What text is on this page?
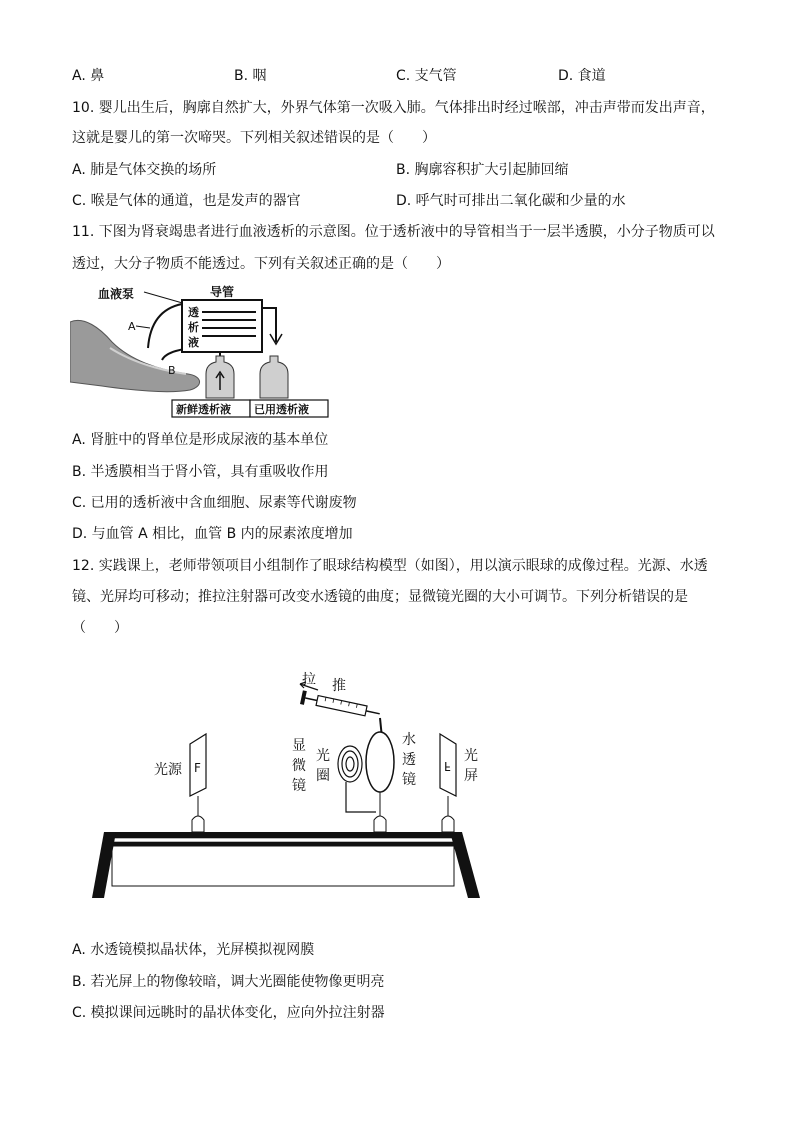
A. 鼻	B. 咽	C. 支气管	D. 食道
10. 婴儿出生后，胸廓自然扩大，外界气体第一次吸入肺。气体排出时经过喉部，冲击声带而发出声音，
这就是婴儿的第一次啼哭。下列相关叙述错误的是（　　）
A. 肺是气体交换的场所	B. 胸廓容积扩大引起肺回缩
C. 喉是气体的通道，也是发声的器官	D. 呼气时可排出二氧化碳和少量的水
11. 下图为肾衰竭患者进行血液透析的示意图。位于透析液中的导管相当于一层半透膜，小分子物质可以
透过，大分子物质不能透过。下列有关叙述正确的是（　　）
血液泵	导管
A
B
透
析
液
新鲜透析液 已用透析液
A. 肾脏中的肾单位是形成尿液的基本单位
B. 半透膜相当于肾小管，具有重吸收作用
C. 已用的透析液中含血细胞、尿素等代谢废物
D. 与血管 A 相比，血管 B 内的尿素浓度增加
12. 实践课上，老师带领项目小组制作了眼球结构模型（如图），用以演示眼球的成像过程。光源、水透
镜、光屏均可移动；推拉注射器可改变水透镜的曲度；显微镜光圈的大小可调节。下列分析错误的是
（　　）
拉 推
光源 F
显
微
镜
光
圈
水
透
镜
F
光
屏
A. 水透镜模拟晶状体，光屏模拟视网膜
B. 若光屏上的物像较暗，调大光圈能使物像更明亮
C. 模拟课间远眺时的晶状体变化，应向外拉注射器
